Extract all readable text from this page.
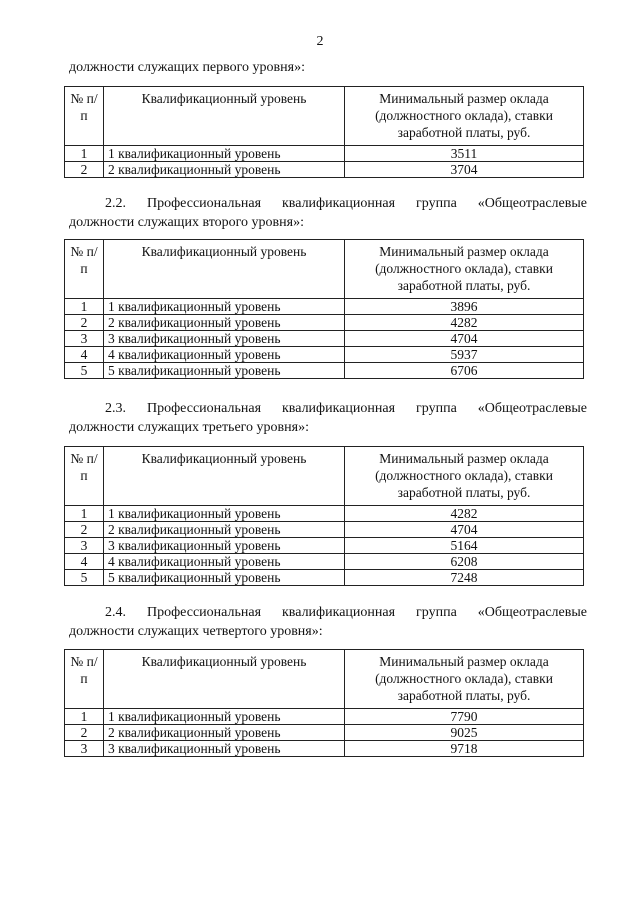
2
должности служащих первого уровня»:
№ п/п	Квалификационный уровень	Минимальный размер оклада (должностного оклада), ставки заработной платы, руб.
1	1 квалификационный уровень	3511
2	2 квалификационный уровень	3704
2.2. Профессиональная квалификационная группа «Общеотраслевые
должности служащих второго уровня»:
№ п/п	Квалификационный уровень	Минимальный размер оклада (должностного оклада), ставки заработной платы, руб.
1	1 квалификационный уровень	3896
2	2 квалификационный уровень	4282
3	3 квалификационный уровень	4704
4	4 квалификационный уровень	5937
5	5 квалификационный уровень	6706
2.3. Профессиональная квалификационная группа «Общеотраслевые
должности служащих третьего уровня»:
№ п/п	Квалификационный уровень	Минимальный размер оклада (должностного оклада), ставки заработной платы, руб.
1	1 квалификационный уровень	4282
2	2 квалификационный уровень	4704
3	3 квалификационный уровень	5164
4	4 квалификационный уровень	6208
5	5 квалификационный уровень	7248
2.4. Профессиональная квалификационная группа «Общеотраслевые
должности служащих четвертого уровня»:
№ п/п	Квалификационный уровень	Минимальный размер оклада (должностного оклада), ставки заработной платы, руб.
1	1 квалификационный уровень	7790
2	2 квалификационный уровень	9025
3	3 квалификационный уровень	9718
